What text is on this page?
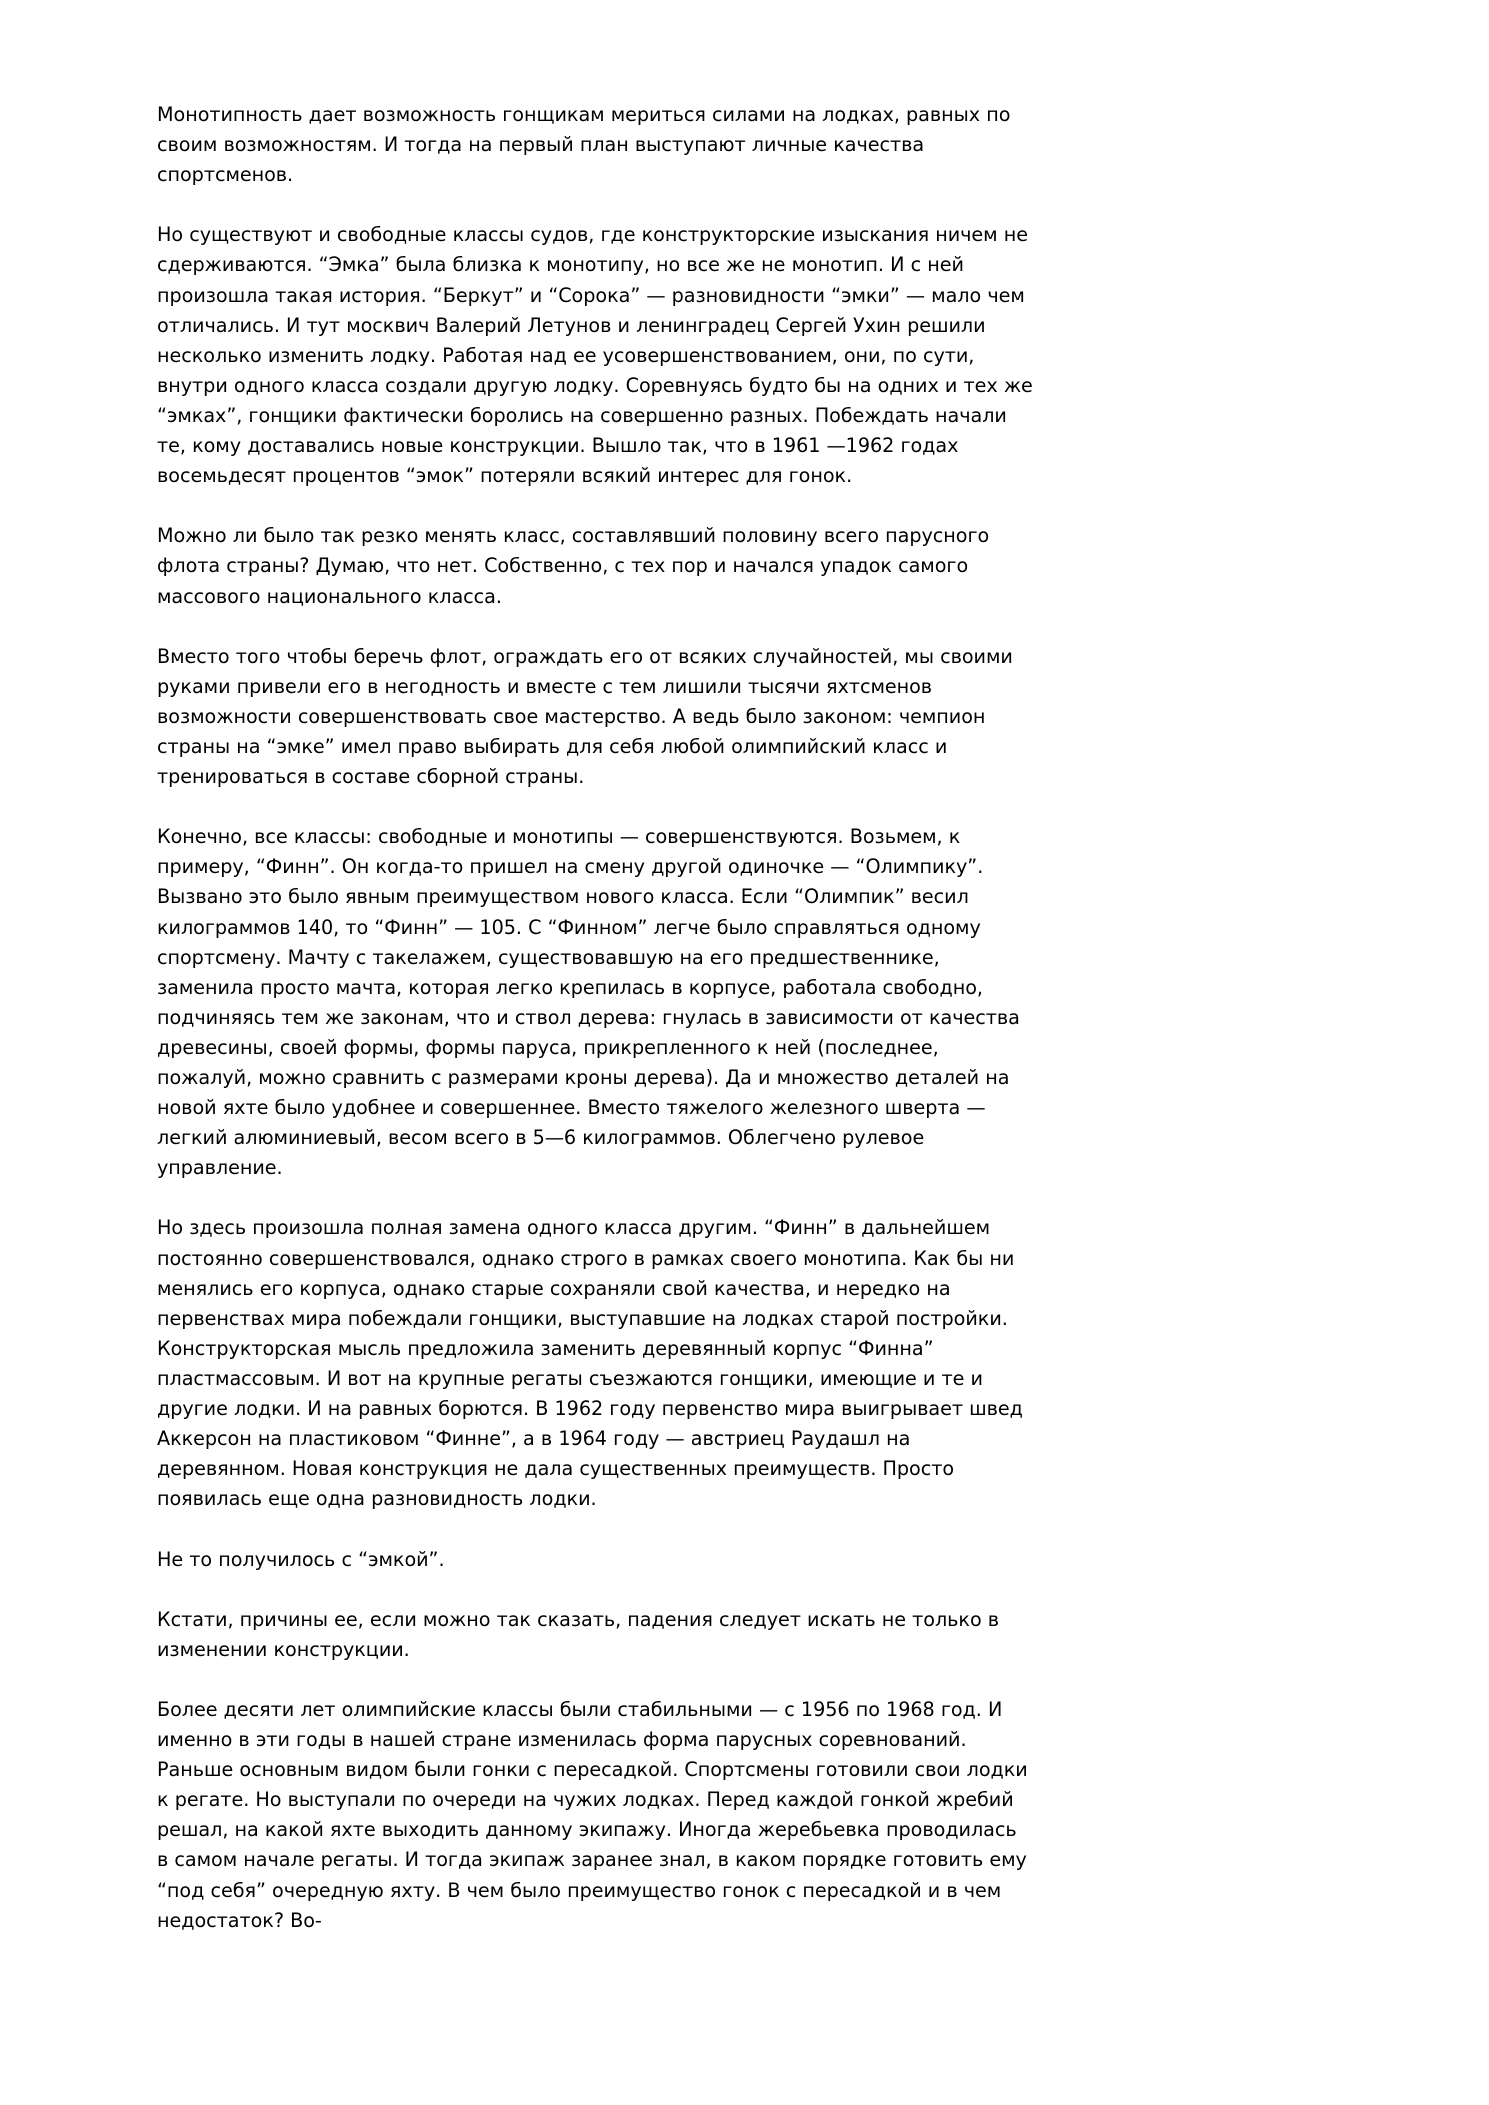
Монотипность дает возможность гонщикам мериться силами на лодках, равных по своим возможностям. И тогда на первый план выступают личные качества спортсменов.

Но существуют и свободные классы судов, где конструкторские изыскания ничем не сдерживаются. “Эмка” была близка к монотипу, но все же не монотип. И с ней произошла такая история. “Беркут” и “Сорока” — разновидности “эмки” — мало чем отличались. И тут москвич Валерий Летунов и ленинградец Сергей Ухин решили несколько изменить лодку. Работая над ее усовершенствованием, они, по сути, внутри одного класса создали другую лодку. Соревнуясь будто бы на одних и тех же “эмках”, гонщики фактически боролись на совершенно разных. Побеждать начали те, кому доставались новые конструкции. Вышло так, что в 1961 —1962 годах восемьдесят процентов “эмок” потеряли всякий интерес для гонок.

Можно ли было так резко менять класс, составлявший половину всего парусного флота страны? Думаю, что нет. Собственно, с тех пор и начался упадок самого массового национального класса.

Вместо того чтобы беречь флот, ограждать его от всяких случайностей, мы своими руками привели его в негодность и вместе с тем лишили тысячи яхтсменов возможности совершенствовать свое мастерство. А ведь было законом: чемпион страны на “эмке” имел право выбирать для себя любой олимпийский класс и тренироваться в составе сборной страны.

Конечно, все классы: свободные и монотипы — совершенствуются. Возьмем, к примеру, “Финн”. Он когда-то пришел на смену другой одиночке — “Олимпику”. Вызвано это было явным преимуществом нового класса. Если “Олимпик” весил килограммов 140, то “Финн” — 105. С “Финном” легче было справляться одному спортсмену. Мачту с такелажем, существовавшую на его предшественнике, заменила просто мачта, которая легко крепилась в корпусе, работала свободно, подчиняясь тем же законам, что и ствол дерева: гнулась в зависимости от качества древесины, своей формы, формы паруса, прикрепленного к ней (последнее, пожалуй, можно сравнить с размерами кроны дерева). Да и множество деталей на новой яхте было удобнее и совершеннее. Вместо тяжелого железного шверта — легкий алюминиевый, весом всего в 5—6 килограммов. Облегчено рулевое управление.

Но здесь произошла полная замена одного класса другим. “Финн” в дальнейшем постоянно совершенствовался, однако строго в рамках своего монотипа. Как бы ни менялись его корпуса, однако старые сохраняли свой качества, и нередко на первенствах мира побеждали гонщики, выступавшие на лодках старой постройки. Конструкторская мысль предложила заменить деревянный корпус “Финна” пластмассовым. И вот на крупные регаты съезжаются гонщики, имеющие и те и другие лодки. И на равных борются. В 1962 году первенство мира выигрывает швед Аккерсон на пластиковом “Финне”, а в 1964 году — австриец Раудашл на деревянном. Новая конструкция не дала существенных преимуществ. Просто появилась еще одна разновидность лодки.

Не то получилось с “эмкой”.

Кстати, причины ее, если можно так сказать, падения следует искать не только в изменении конструкции.

Более десяти лет олимпийские классы были стабильными — с 1956 по 1968 год. И именно в эти годы в нашей стране изменилась форма парусных соревнований. Раньше основным видом были гонки с пересадкой. Спортсмены готовили свои лодки к регате. Но выступали по очереди на чужих лодках. Перед каждой гонкой жребий решал, на какой яхте выходить данному экипажу. Иногда жеребьевка проводилась в самом начале регаты. И тогда экипаж заранее знал, в каком порядке готовить ему “под себя” очередную яхту. В чем было преимущество гонок с пересадкой и в чем недостаток? Во-
